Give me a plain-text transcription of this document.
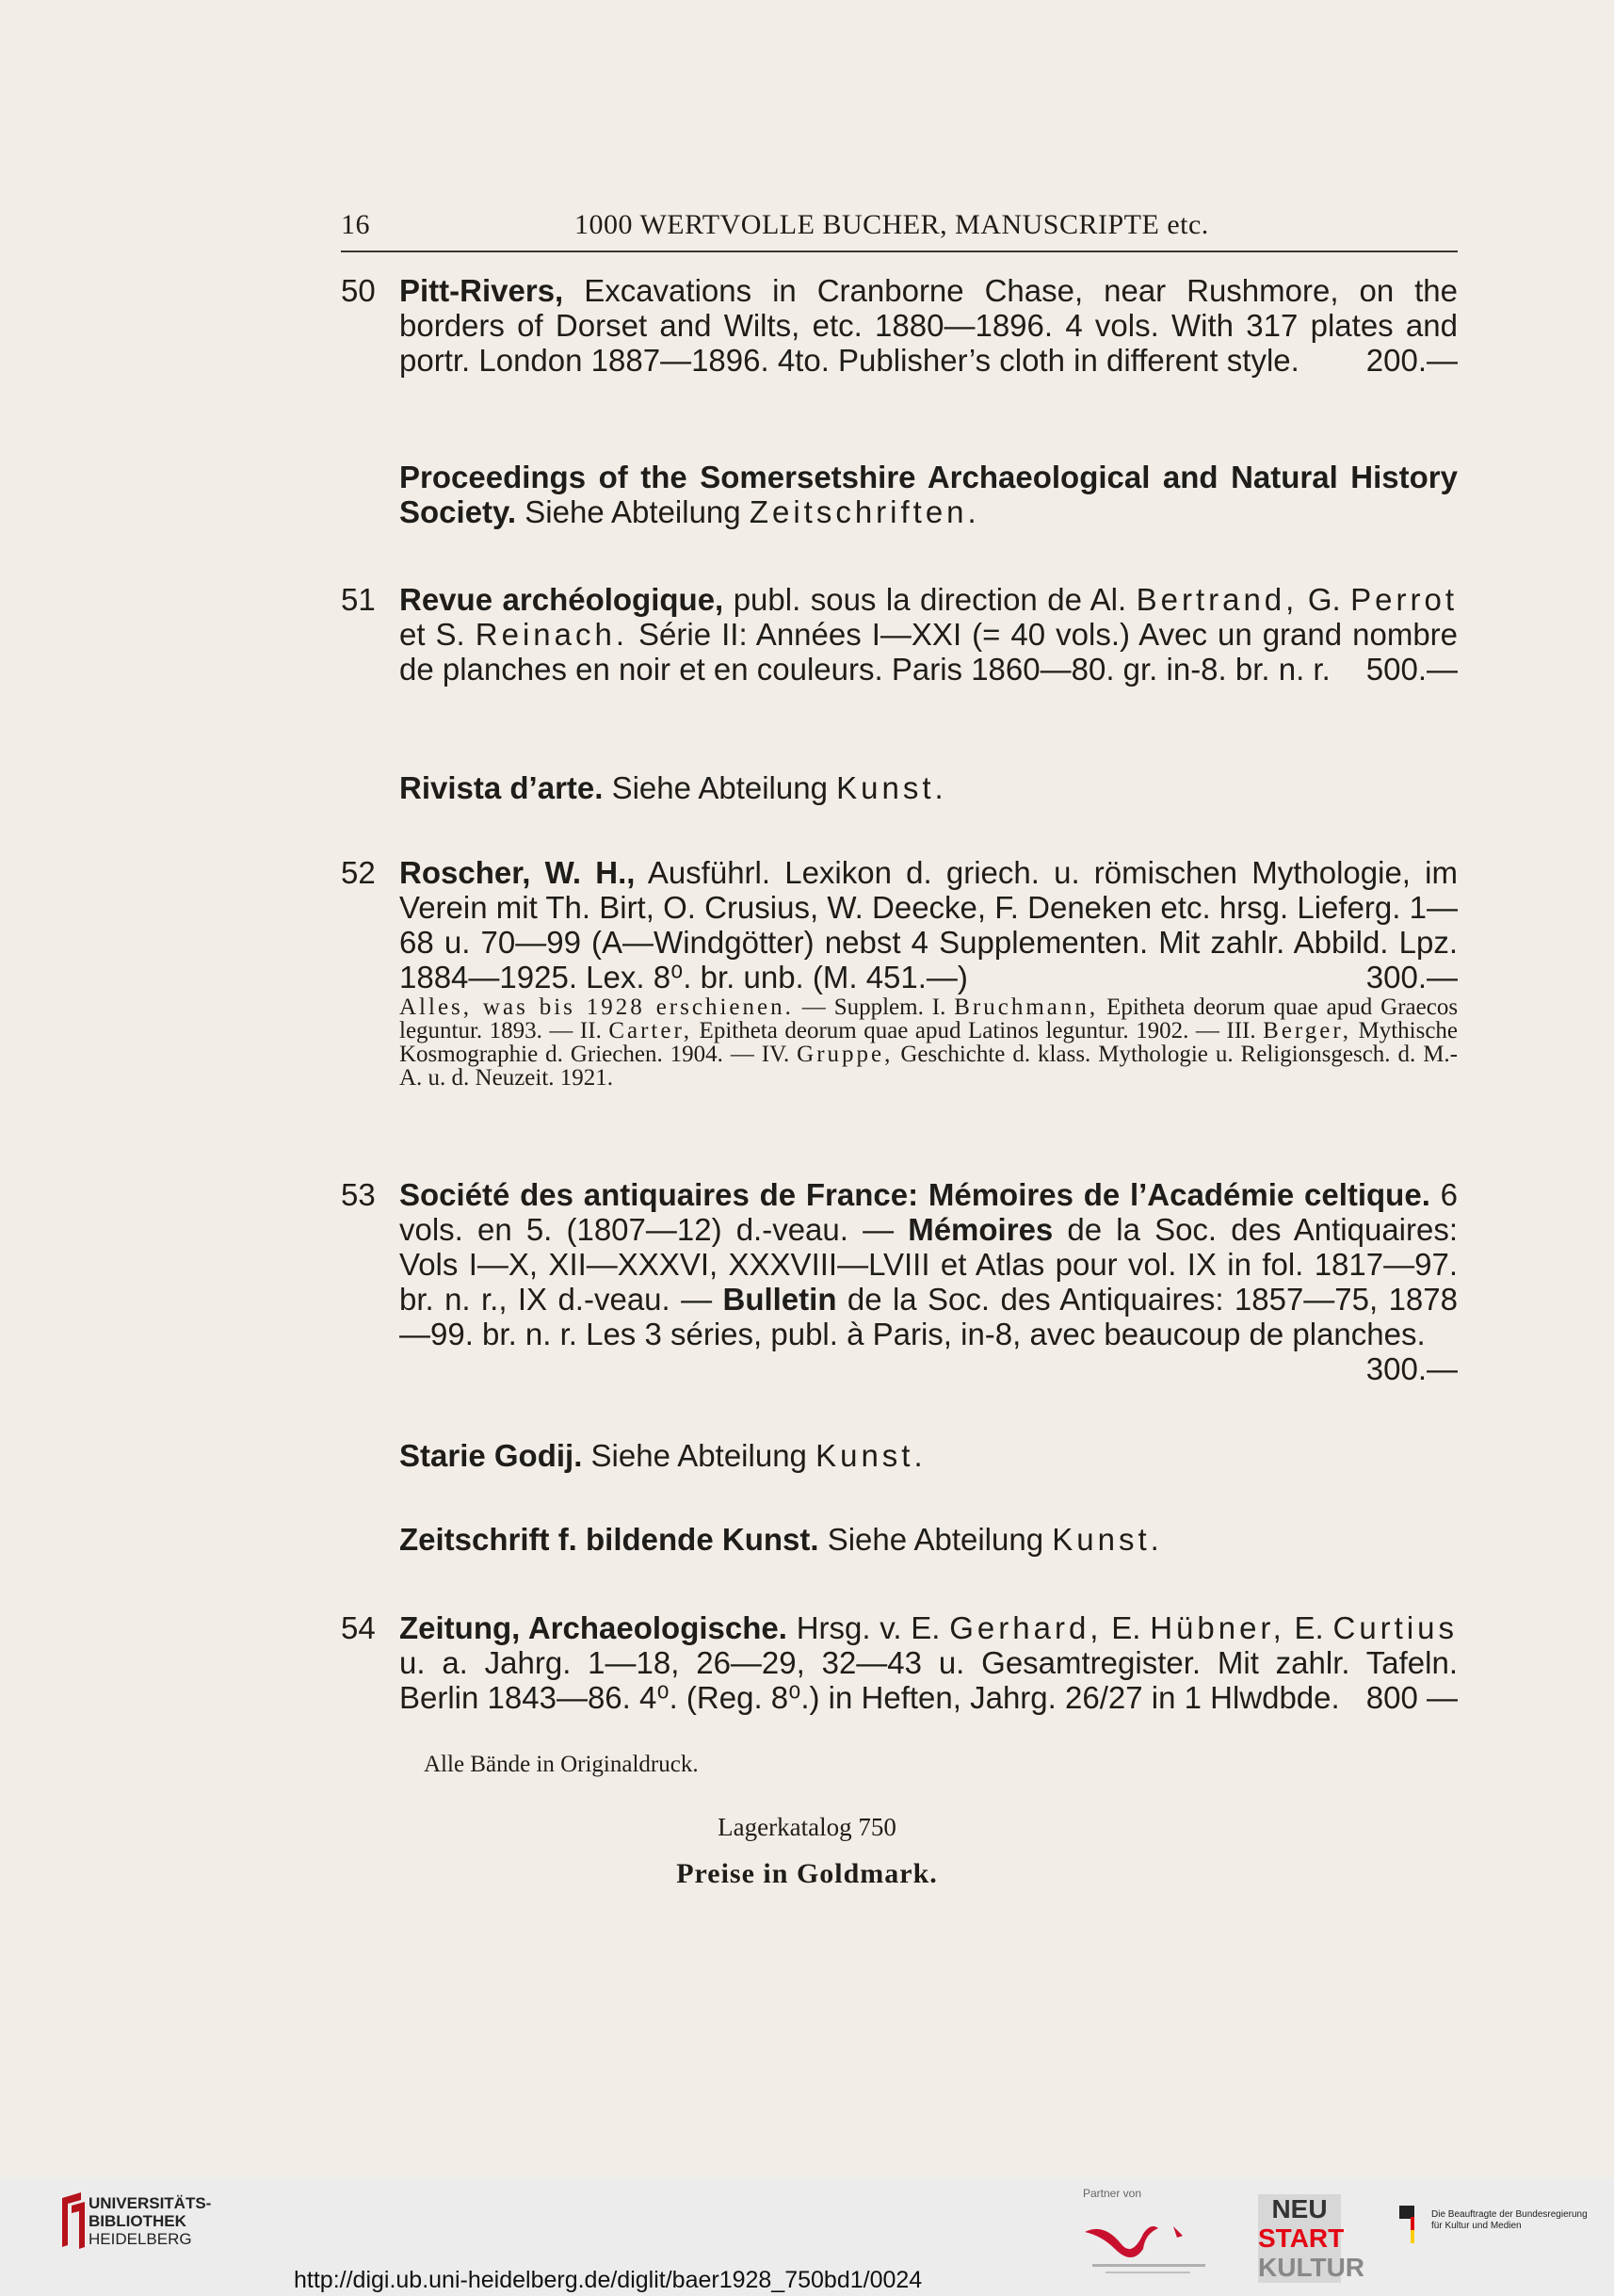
16	1000 WERTVOLLE BUCHER, MANUSCRIPTE etc.
50 Pitt-Rivers, Excavations in Cranborne Chase, near Rushmore, on the borders of Dorset and Wilts, etc. 1880—1896. 4 vols. With 317 plates and portr. London 1887—1896. 4to. Publisher’s cloth in different style. 200.—
Proceedings of the Somersetshire Archaeological and Natural History Society. Siehe Abteilung Zeitschriften.
51 Revue archéologique, publ. sous la direction de Al. Bertrand, G. Perrot et S. Reinach. Série II: Années I—XXI (= 40 vols.) Avec un grand nombre de planches en noir et en couleurs. Paris 1860—80. gr. in-8. br. n. r. 500.—
Rivista d’arte. Siehe Abteilung Kunst.
52 Roscher, W. H., Ausführl. Lexikon d. griech. u. römischen Mythologie, im Verein mit Th. Birt, O. Crusius, W. Deecke, F. Deneken etc. hrsg. Lieferg. 1—68 u. 70—99 (A—Windgötter) nebst 4 Supplementen. Mit zahlr. Abbild. Lpz. 1884—1925. Lex. 8⁰. br. unb. (M. 451.—)	300.—
Alles, was bis 1928 erschienen. — Supplem. I. Bruchmann, Epitheta deorum quae apud Graecos leguntur. 1893. — II. Carter, Epitheta deorum quae apud Latinos leguntur. 1902. — III. Berger, Mythische Kosmographie d. Griechen. 1904. — IV. Gruppe, Geschichte d. klass. Mythologie u. Religionsgesch. d. M.-A. u. d. Neuzeit. 1921.
53 Société des antiquaires de France: Mémoires de l’Académie celtique. 6 vols. en 5. (1807—12) d.-veau. — Mémoires de la Soc. des Antiquaires: Vols I—X, XII—XXXVI, XXXVIII—LVIII et Atlas pour vol. IX in fol. 1817—97. br. n. r., IX d.-veau. — Bulletin de la Soc. des Antiquaires: 1857—75, 1878—99. br. n. r. Les 3 séries, publ. à Paris, in-8, avec beaucoup de planches.
300.—
Starie Godij. Siehe Abteilung Kunst.
Zeitschrift f. bildende Kunst. Siehe Abteilung Kunst.
54 Zeitung, Archaeologische. Hrsg. v. E. Gerhard, E. Hübner, E. Curtius u. a. Jahrg. 1—18, 26—29, 32—43 u. Gesamtregister. Mit zahlr. Tafeln. Berlin 1843—86. 4⁰. (Reg. 8⁰.) in Heften, Jahrg. 26/27 in 1 Hlwdbde. 800 —
Alle Bände in Originaldruck.
Lagerkatalog 750
Preise in Goldmark.
UNIVERSITÄTS-
BIBLIOTHEK
HEIDELBERG
http://digi.ub.uni-heidelberg.de/diglit/baer1928_750bd1/0024
Partner von
NEU
START
KULTUR
Die Beauftragte der Bundesregierung
für Kultur und Medien
